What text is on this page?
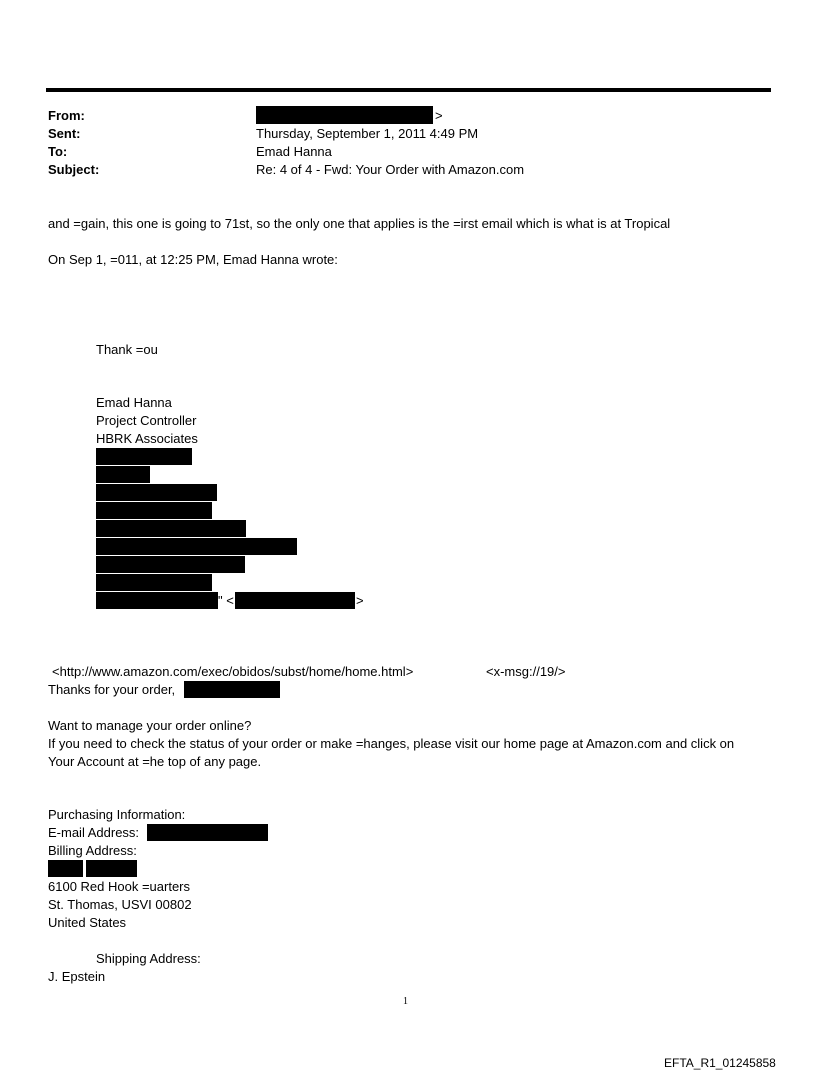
From:	>
Sent:	Thursday, September 1, 2011 4:49 PM
To:	Emad Hanna
Subject:	Re: 4 of 4 - Fwd: Your Order with Amazon.com
and =gain, this one is going to 71st, so the only one that applies is the =irst email which is what is at Tropical
On Sep 1, =011, at 12:25 PM, Emad Hanna wrote:
Thank =ou
Emad Hanna
Project Controller
HBRK Associates
" <	>
<http://www.amazon.com/exec/obidos/subst/home/home.html>	<x-msg://19/>
Thanks for your order,
Want to manage your order online?
If you need to check the status of your order or make =hanges, please visit our home page at Amazon.com and click on
Your Account at =he top of any page.
Purchasing Information:
E-mail Address:
Billing Address:
6100 Red Hook =uarters
St. Thomas, USVI 00802
United States
Shipping Address:
J. Epstein
1
EFTA_R1_01245858
